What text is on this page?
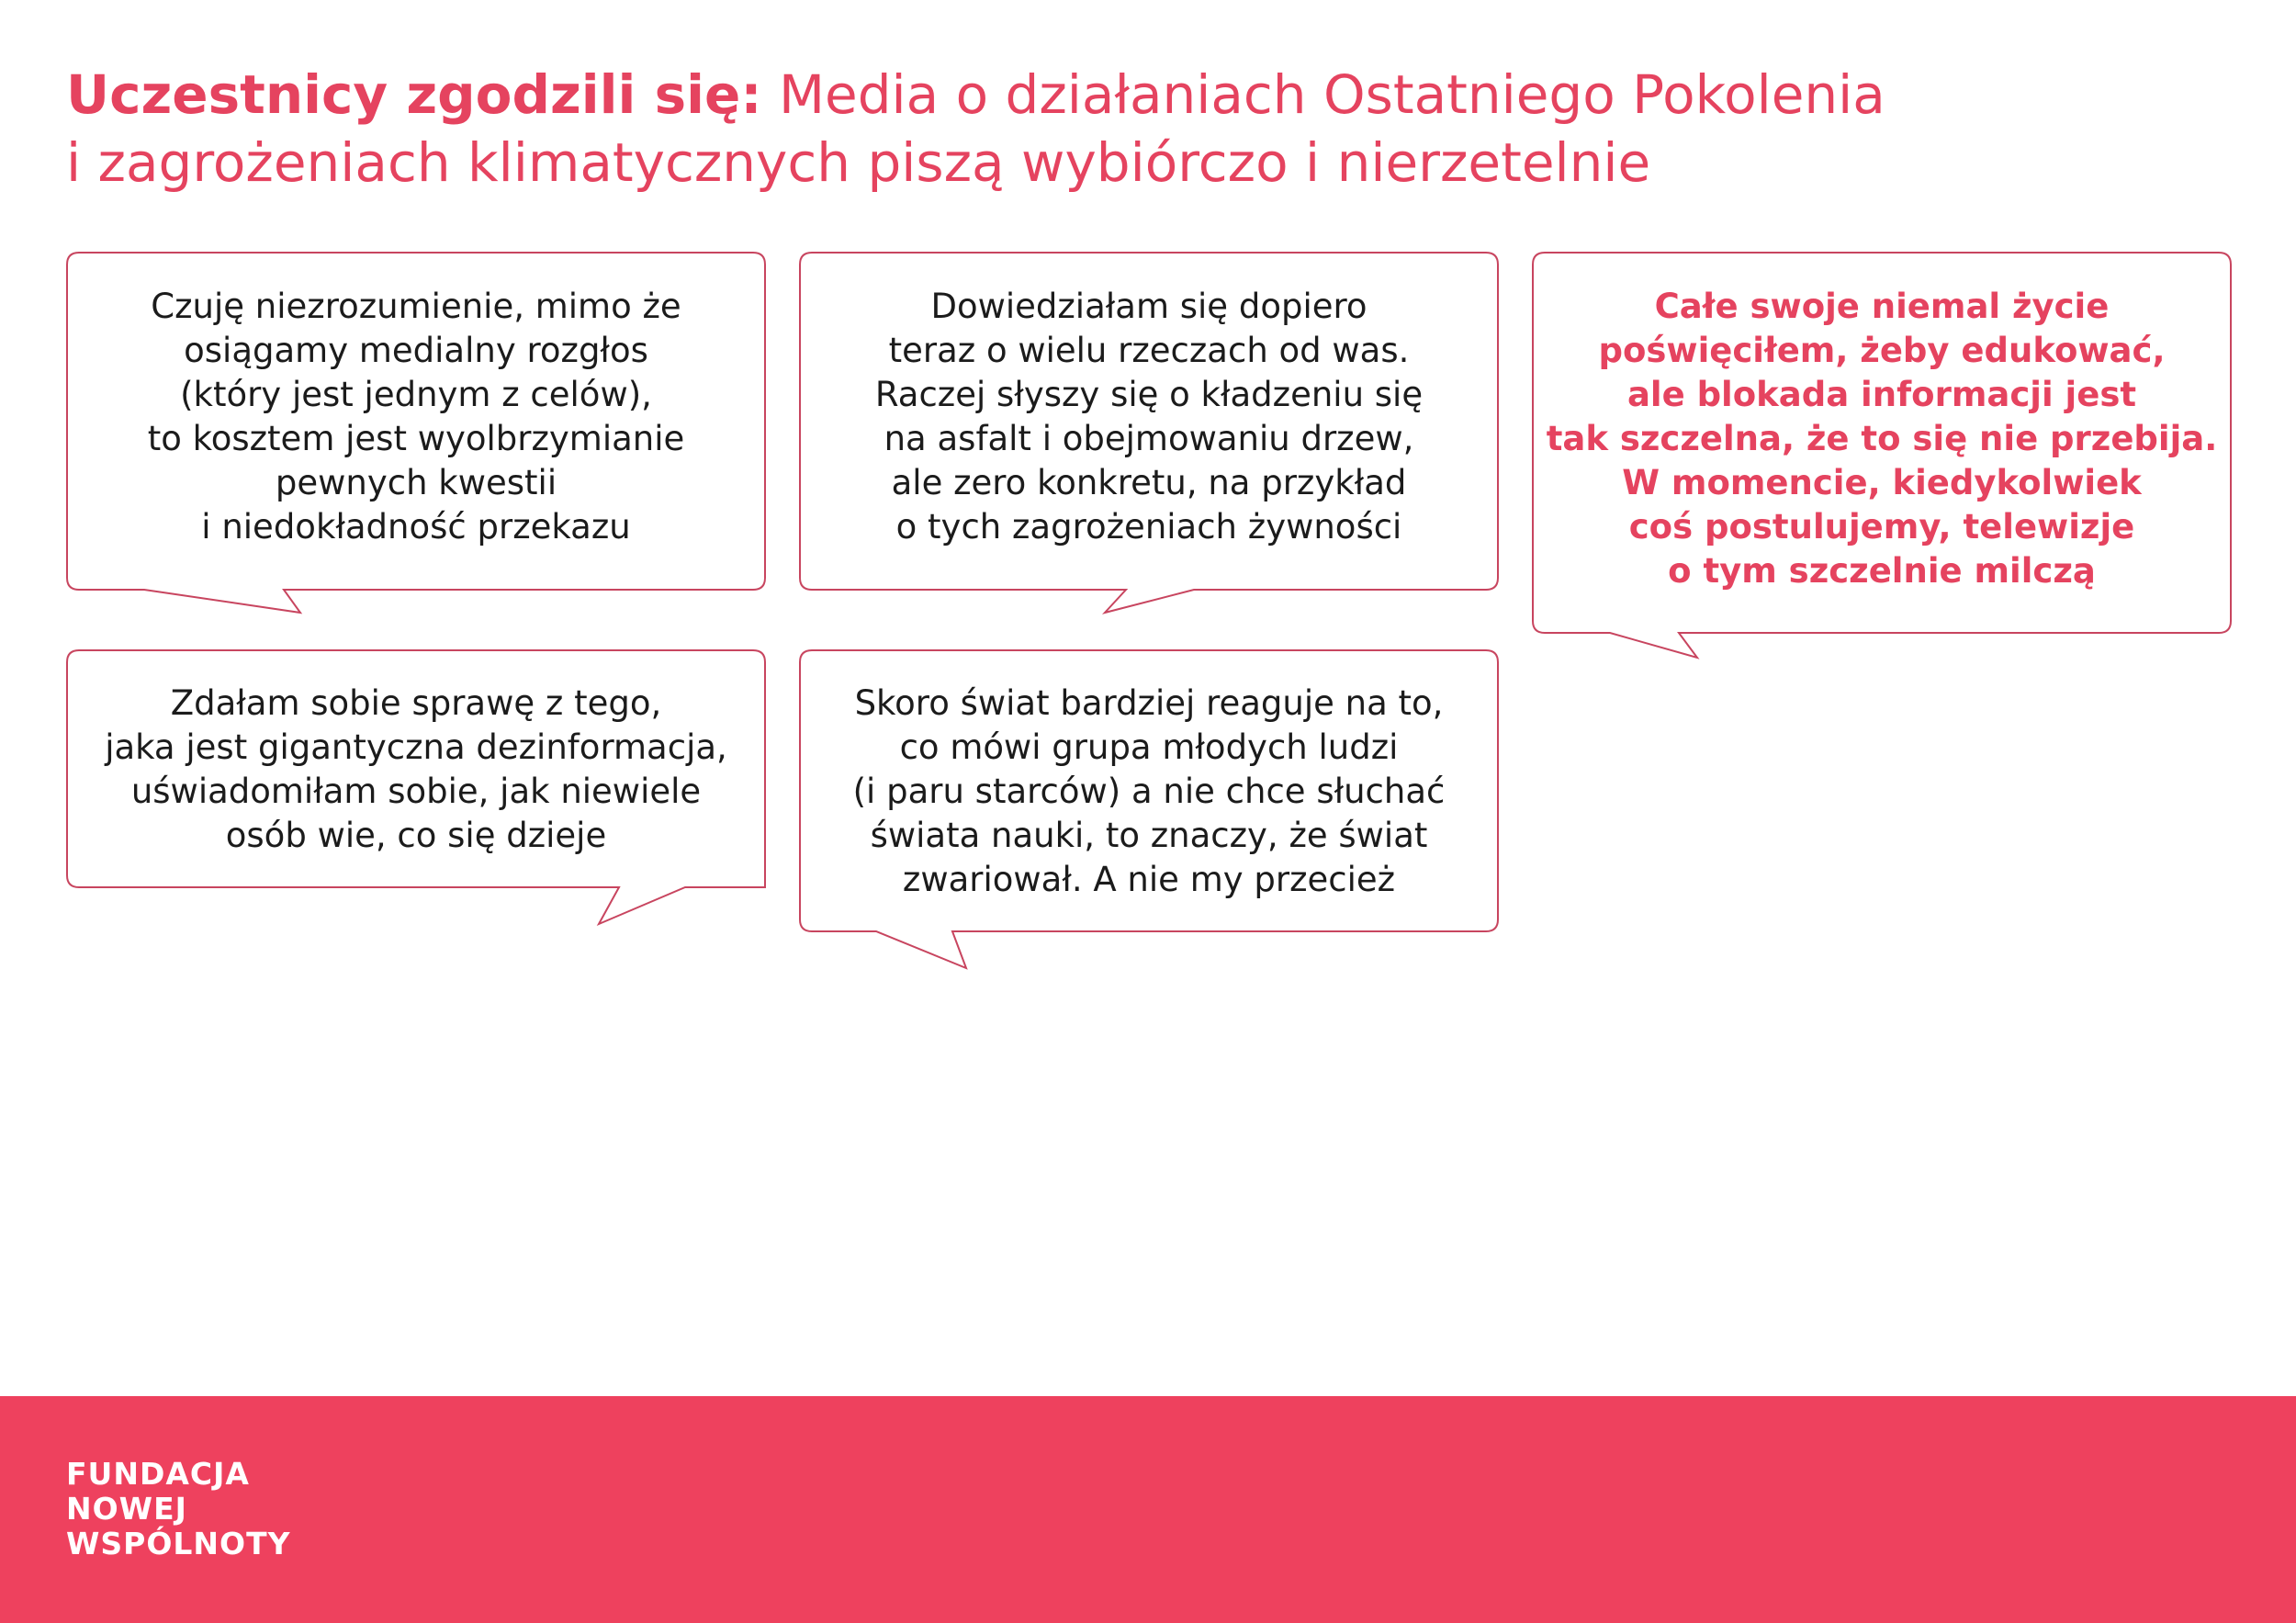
Uczestnicy zgodzili się: Media o działaniach Ostatniego Pokolenia
i zagrożeniach klimatycznych piszą wybiórczo i nierzetelnie
Czuję niezrozumienie, mimo że
osiągamy medialny rozgłos
(który jest jednym z celów),
to kosztem jest wyolbrzymianie
pewnych kwestii
i niedokładność przekazu
Dowiedziałam się dopiero
teraz o wielu rzeczach od was.
Raczej słyszy się o kładzeniu się
na asfalt i obejmowaniu drzew,
ale zero konkretu, na przykład
o tych zagrożeniach żywności
Całe swoje niemal życie
poświęciłem, żeby edukować,
ale blokada informacji jest
tak szczelna, że to się nie przebija.
W momencie, kiedykolwiek
coś postulujemy, telewizje
o tym szczelnie milczą
Zdałam sobie sprawę z tego,
jaka jest gigantyczna dezinformacja,
uświadomiłam sobie, jak niewiele
osób wie, co się dzieje
Skoro świat bardziej reaguje na to,
co mówi grupa młodych ludzi
(i paru starców) a nie chce słuchać
świata nauki, to znaczy, że świat
zwariował. A nie my przecież
FUNDACJA
NOWEJ
WSPÓLNOTY
